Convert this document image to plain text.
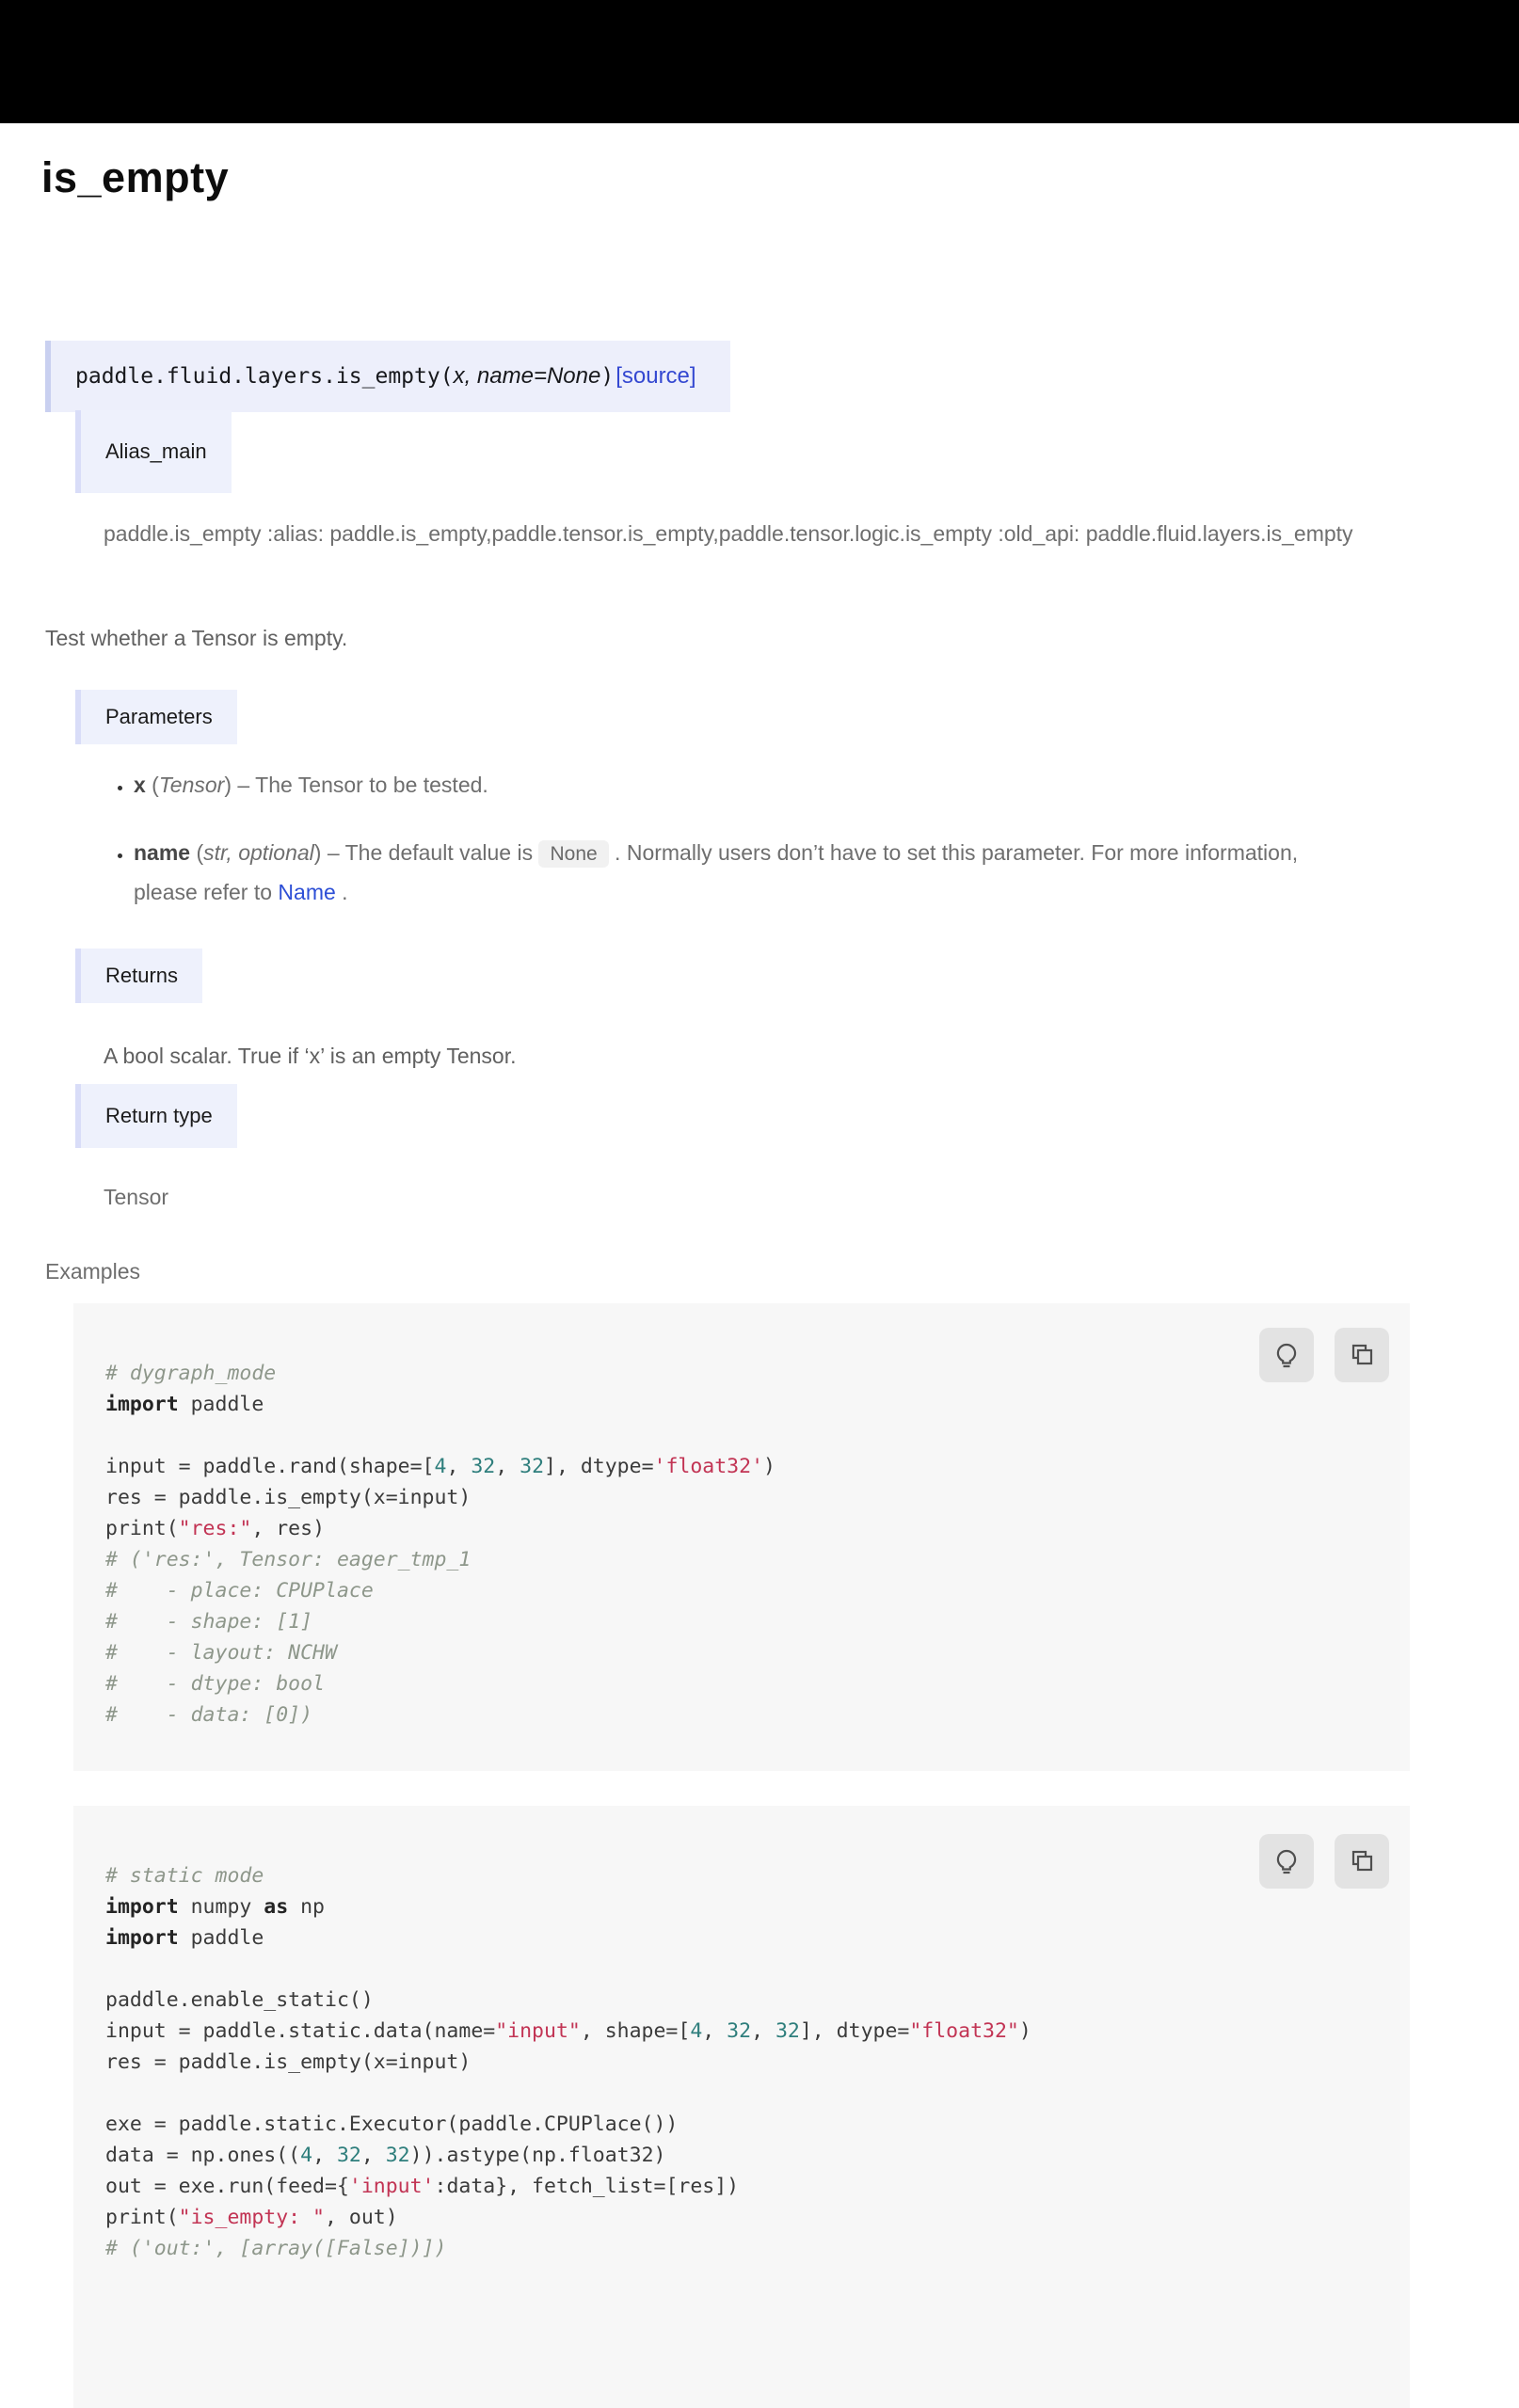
is_empty
paddle.fluid.layers.is_empty( x, name=None ) [source]
Alias_main

paddle.is_empty :alias: paddle.is_empty,paddle.tensor.is_empty,paddle.tensor.logic.is_empty :old_api: paddle.fluid.layers.is_empty

Test whether a Tensor is empty.

Parameters
• x (Tensor) – The Tensor to be tested.
• name (str, optional) – The default value is None . Normally users don’t have to set this parameter. For more information, please refer to Name .
Returns

A bool scalar. True if ‘x’ is an empty Tensor.

Return type

Tensor

Examples

# dygraph_mode
import paddle

input = paddle.rand(shape=[4, 32, 32], dtype='float32')
res = paddle.is_empty(x=input)
print("res:", res)
# ('res:', Tensor: eager_tmp_1
#    - place: CPUPlace
#    - shape: [1]
#    - layout: NCHW
#    - dtype: bool
#    - data: [0])
# static mode
import numpy as np
import paddle

paddle.enable_static()
input = paddle.static.data(name="input", shape=[4, 32, 32], dtype="float32")
res = paddle.is_empty(x=input)

exe = paddle.static.Executor(paddle.CPUPlace())
data = np.ones((4, 32, 32)).astype(np.float32)
out = exe.run(feed={'input':data}, fetch_list=[res])
print("is_empty: ", out)
# ('out:', [array([False])])
